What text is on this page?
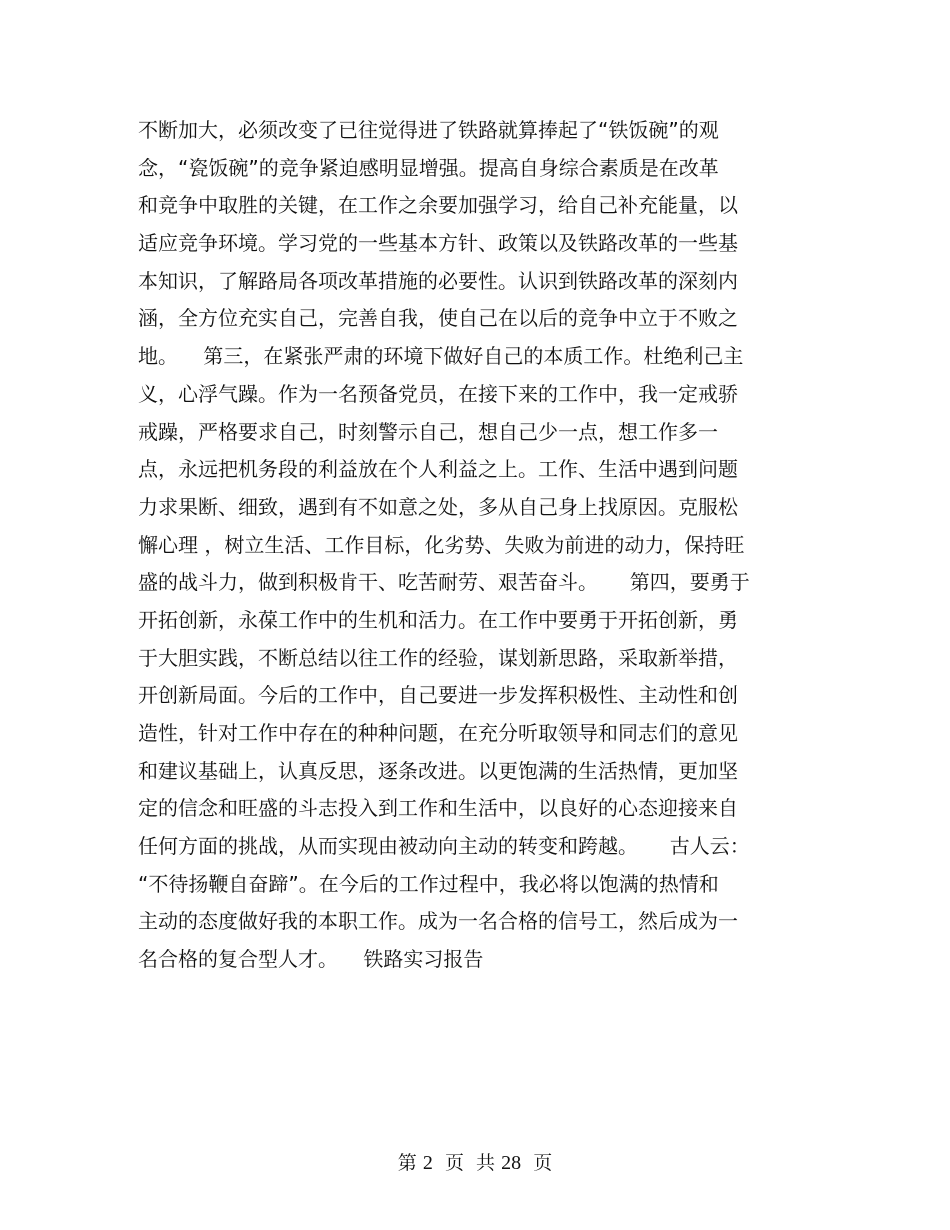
不断加大，必须改变了已往觉得进了铁路就算捧起了“铁饭碗”的观
念，“瓷饭碗”的竞争紧迫感明显增强。提高自身综合素质是在改革
和竞争中取胜的关键，在工作之余要加强学习，给自己补充能量，以
适应竞争环境。学习党的一些基本方针、政策以及铁路改革的一些基
本知识，了解路局各项改革措施的必要性。认识到铁路改革的深刻内
涵，全方位充实自己，完善自我，使自己在以后的竞争中立于不败之
地。    第三，在紧张严肃的环境下做好自己的本质工作。杜绝利己主
义，心浮气躁。作为一名预备党员，在接下来的工作中，我一定戒骄
戒躁，严格要求自己，时刻警示自己，想自己少一点，想工作多一
点，永远把机务段的利益放在个人利益之上。工作、生活中遇到问题
力求果断、细致，遇到有不如意之处，多从自己身上找原因。克服松
懈心理 ，树立生活、工作目标，化劣势、失败为前进的动力，保持旺
盛的战斗力，做到积极肯干、吃苦耐劳、艰苦奋斗。     第四，要勇于
开拓创新，永葆工作中的生机和活力。在工作中要勇于开拓创新，勇
于大胆实践，不断总结以往工作的经验，谋划新思路，采取新举措，
开创新局面。今后的工作中，自己要进一步发挥积极性、主动性和创
造性，针对工作中存在的种种问题，在充分听取领导和同志们的意见
和建议基础上，认真反思，逐条改进。以更饱满的生活热情，更加坚
定的信念和旺盛的斗志投入到工作和生活中，以良好的心态迎接来自
任何方面的挑战，从而实现由被动向主动的转变和跨越。     古人云：
“不待扬鞭自奋蹄”。在今后的工作过程中，我必将以饱满的热情和
主动的态度做好我的本职工作。成为一名合格的信号工，然后成为一
名合格的复合型人才。    铁路实习报告
第 2 页  共 28 页
